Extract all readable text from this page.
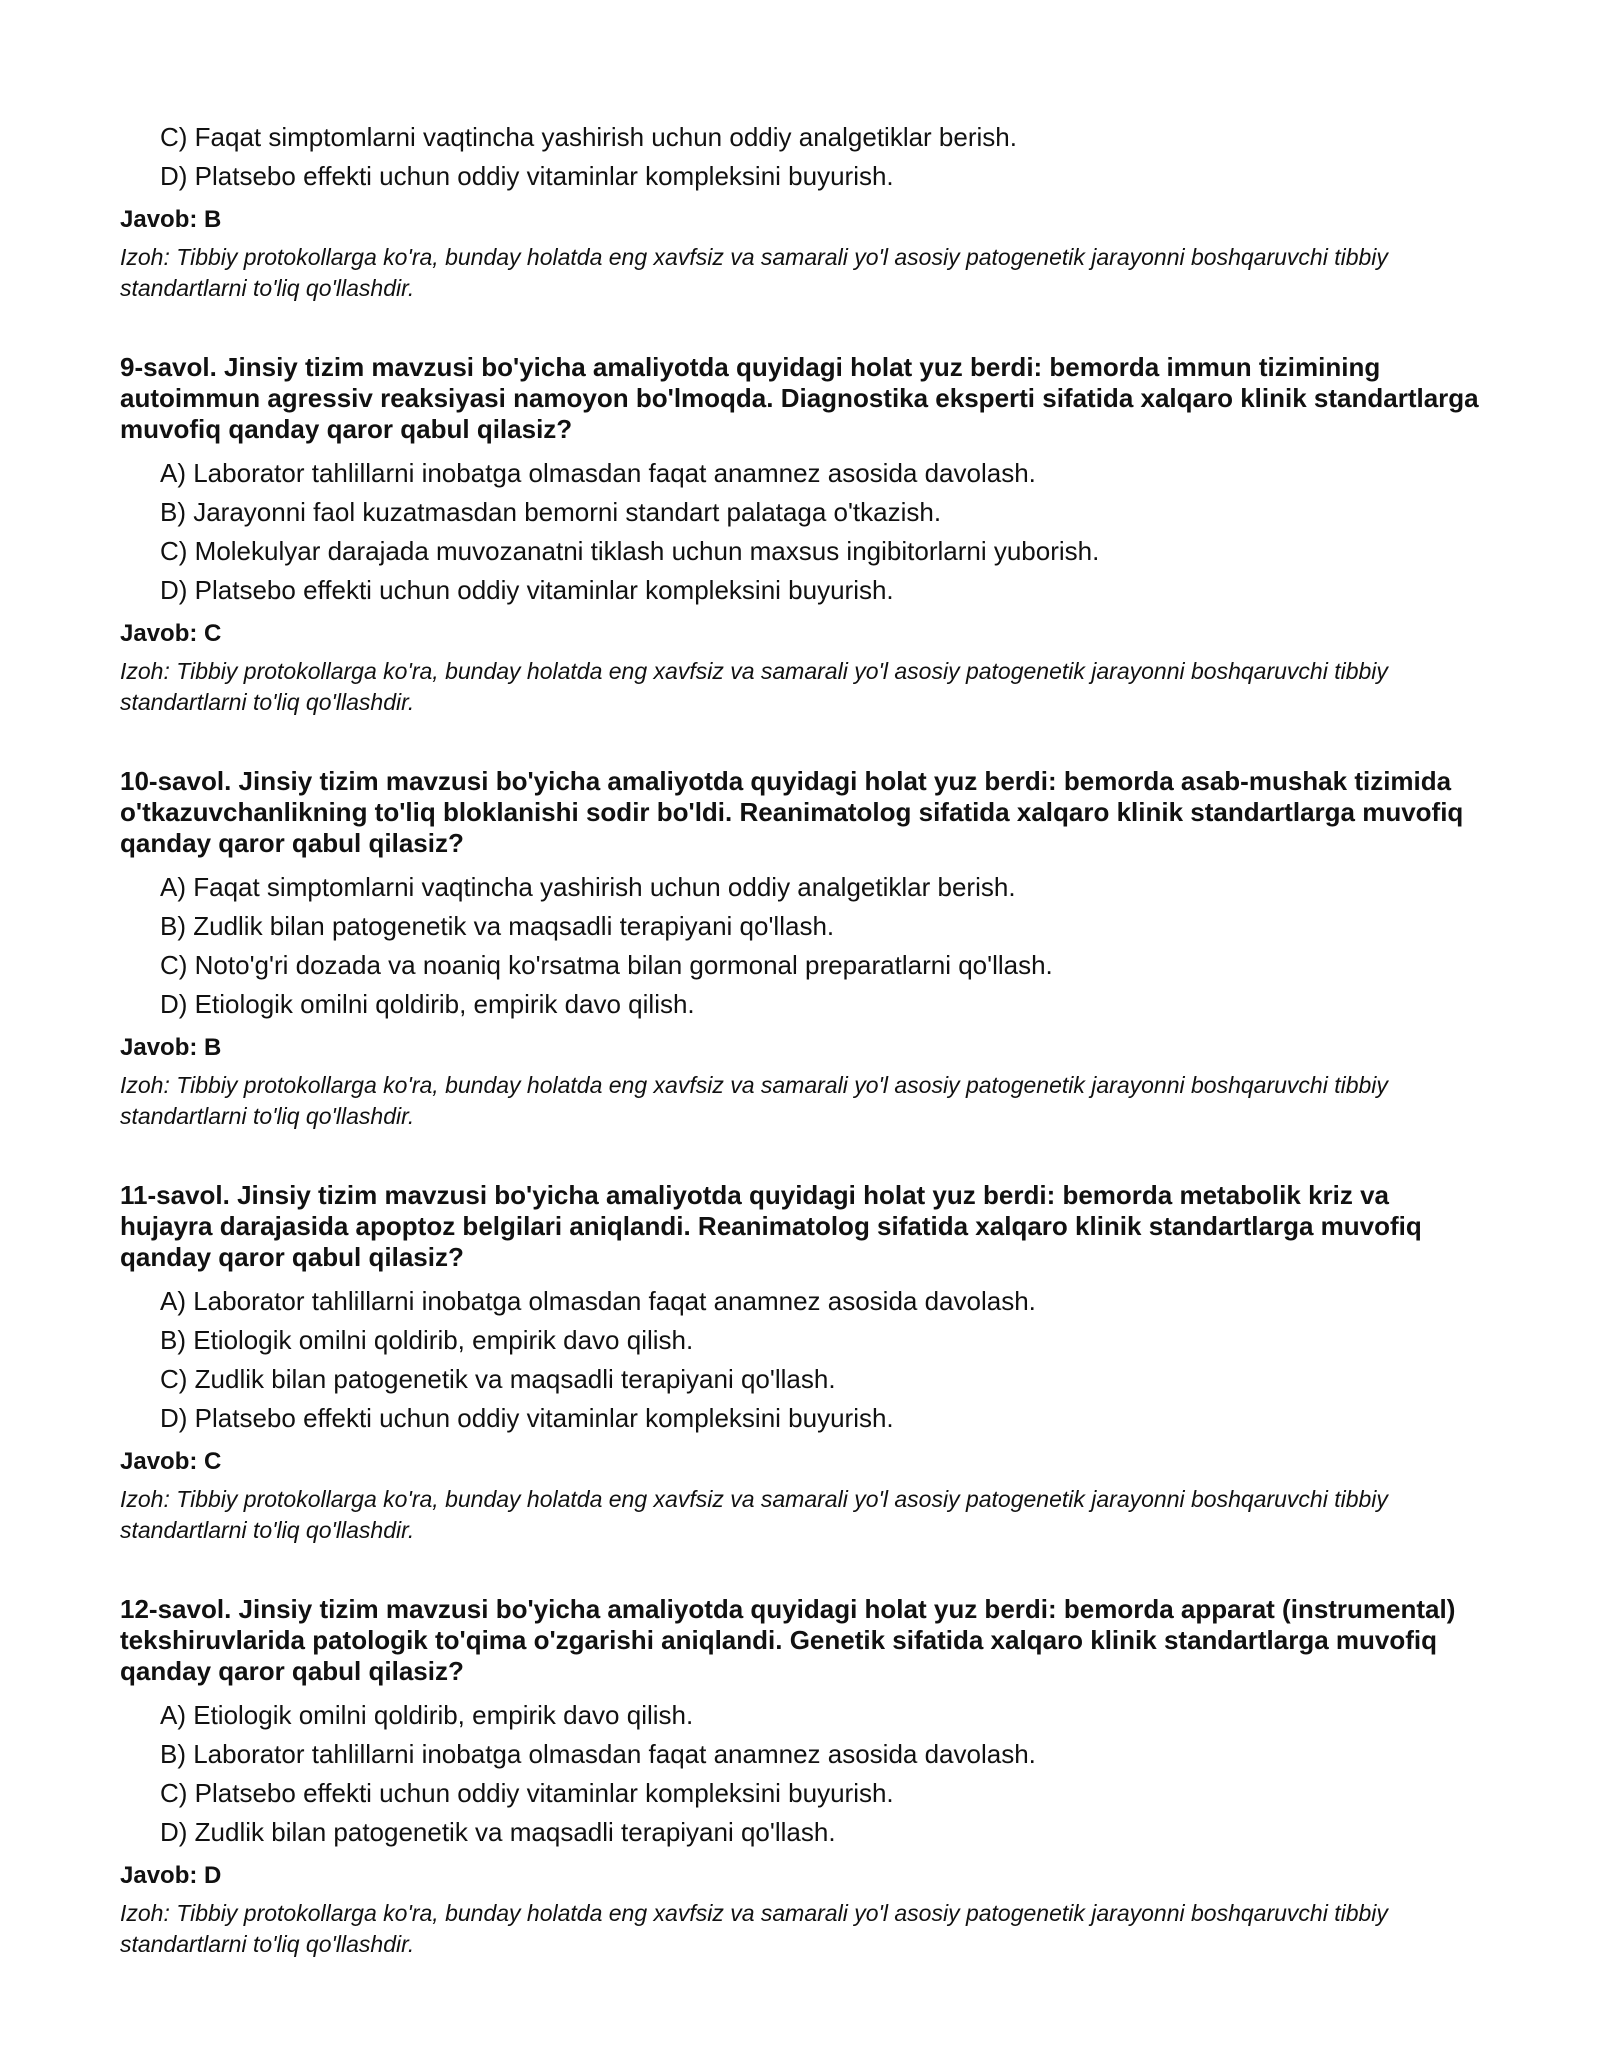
C) Faqat simptomlarni vaqtincha yashirish uchun oddiy analgetiklar berish.
D) Platsebo effekti uchun oddiy vitaminlar kompleksini buyurish.
Javob: B
Izoh: Tibbiy protokollarga ko'ra, bunday holatda eng xavfsiz va samarali yo'l asosiy patogenetik jarayonni boshqaruvchi tibbiy standartlarni to'liq qo'llashdir.
9-savol. Jinsiy tizim mavzusi bo'yicha amaliyotda quyidagi holat yuz berdi: bemorda immun tizimining autoimmun agressiv reaksiyasi namoyon bo'lmoqda. Diagnostika eksperti sifatida xalqaro klinik standartlarga muvofiq qanday qaror qabul qilasiz?
A) Laborator tahlillarni inobatga olmasdan faqat anamnez asosida davolash.
B) Jarayonni faol kuzatmasdan bemorni standart palataga o'tkazish.
C) Molekulyar darajada muvozanatni tiklash uchun maxsus ingibitorlarni yuborish.
D) Platsebo effekti uchun oddiy vitaminlar kompleksini buyurish.
Javob: C
Izoh: Tibbiy protokollarga ko'ra, bunday holatda eng xavfsiz va samarali yo'l asosiy patogenetik jarayonni boshqaruvchi tibbiy standartlarni to'liq qo'llashdir.
10-savol. Jinsiy tizim mavzusi bo'yicha amaliyotda quyidagi holat yuz berdi: bemorda asab-mushak tizimida o'tkazuvchanlikning to'liq bloklanishi sodir bo'ldi. Reanimatolog sifatida xalqaro klinik standartlarga muvofiq qanday qaror qabul qilasiz?
A) Faqat simptomlarni vaqtincha yashirish uchun oddiy analgetiklar berish.
B) Zudlik bilan patogenetik va maqsadli terapiyani qo'llash.
C) Noto'g'ri dozada va noaniq ko'rsatma bilan gormonal preparatlarni qo'llash.
D) Etiologik omilni qoldirib, empirik davo qilish.
Javob: B
Izoh: Tibbiy protokollarga ko'ra, bunday holatda eng xavfsiz va samarali yo'l asosiy patogenetik jarayonni boshqaruvchi tibbiy standartlarni to'liq qo'llashdir.
11-savol. Jinsiy tizim mavzusi bo'yicha amaliyotda quyidagi holat yuz berdi: bemorda metabolik kriz va hujayra darajasida apoptoz belgilari aniqlandi. Reanimatolog sifatida xalqaro klinik standartlarga muvofiq qanday qaror qabul qilasiz?
A) Laborator tahlillarni inobatga olmasdan faqat anamnez asosida davolash.
B) Etiologik omilni qoldirib, empirik davo qilish.
C) Zudlik bilan patogenetik va maqsadli terapiyani qo'llash.
D) Platsebo effekti uchun oddiy vitaminlar kompleksini buyurish.
Javob: C
Izoh: Tibbiy protokollarga ko'ra, bunday holatda eng xavfsiz va samarali yo'l asosiy patogenetik jarayonni boshqaruvchi tibbiy standartlarni to'liq qo'llashdir.
12-savol. Jinsiy tizim mavzusi bo'yicha amaliyotda quyidagi holat yuz berdi: bemorda apparat (instrumental) tekshiruvlarida patologik to'qima o'zgarishi aniqlandi. Genetik sifatida xalqaro klinik standartlarga muvofiq qanday qaror qabul qilasiz?
A) Etiologik omilni qoldirib, empirik davo qilish.
B) Laborator tahlillarni inobatga olmasdan faqat anamnez asosida davolash.
C) Platsebo effekti uchun oddiy vitaminlar kompleksini buyurish.
D) Zudlik bilan patogenetik va maqsadli terapiyani qo'llash.
Javob: D
Izoh: Tibbiy protokollarga ko'ra, bunday holatda eng xavfsiz va samarali yo'l asosiy patogenetik jarayonni boshqaruvchi tibbiy standartlarni to'liq qo'llashdir.
